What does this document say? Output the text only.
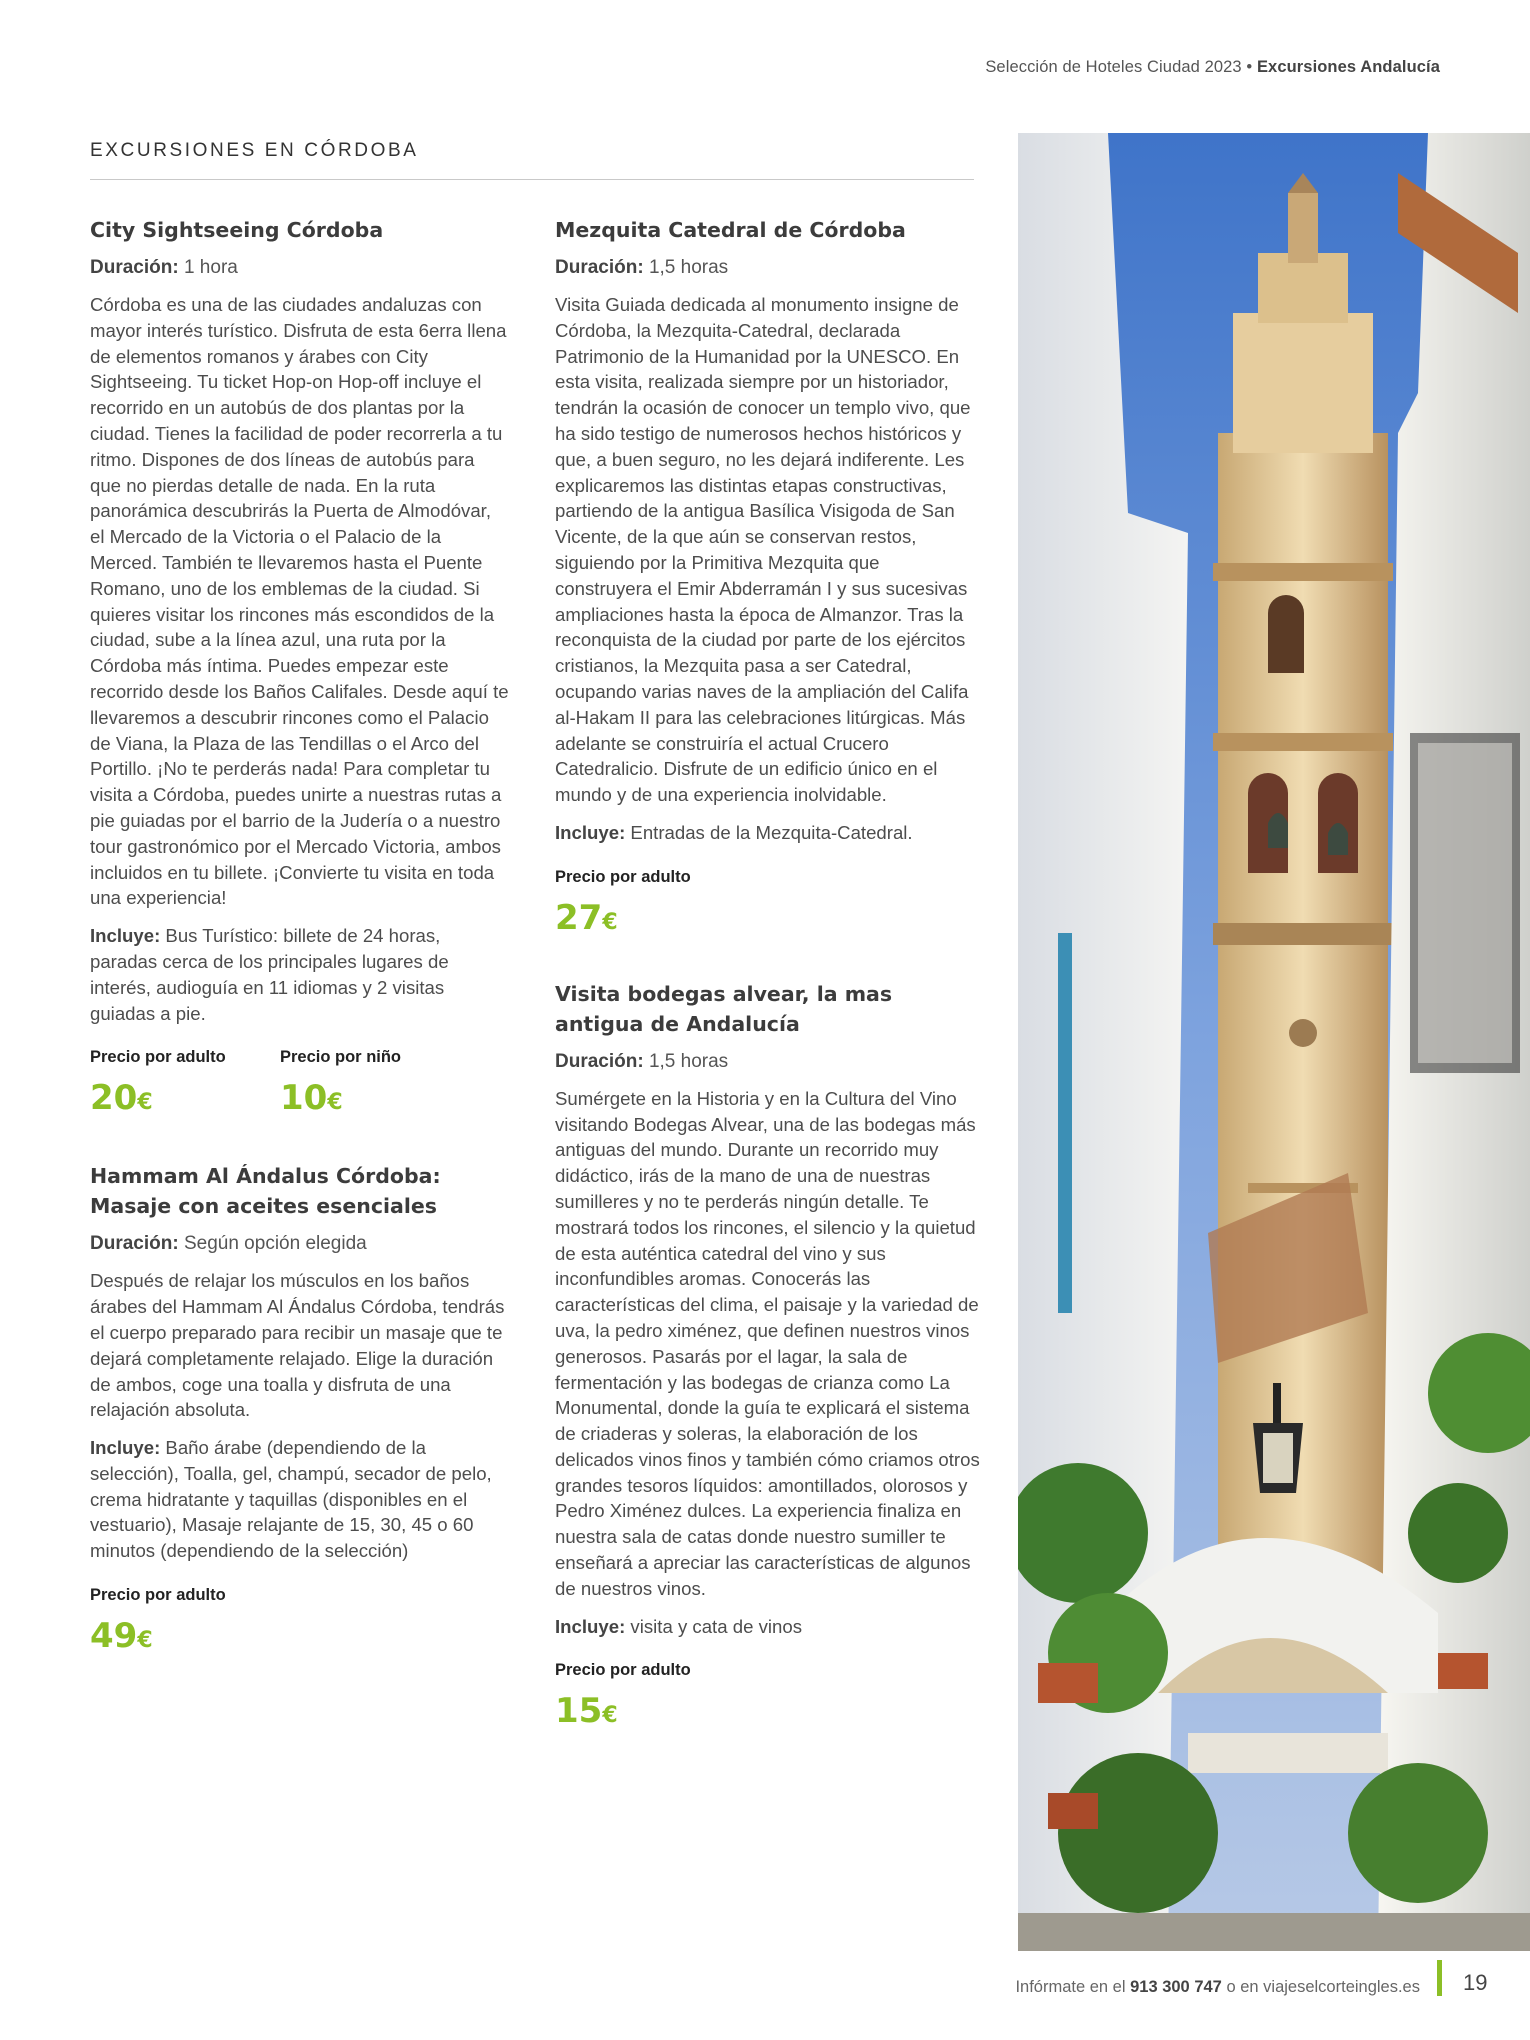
Selección de Hoteles Ciudad 2023 • Excursiones Andalucía
EXCURSIONES EN CÓRDOBA
City Sightseeing Córdoba

Duración: 1 hora

Córdoba es una de las ciudades andaluzas con mayor interés turístico. Disfruta de esta 6erra llena de elementos romanos y árabes con City Sightseeing. Tu ticket Hop-on Hop-off incluye el recorrido en un autobús de dos plantas por la ciudad. Tienes la facilidad de poder recorrerla a tu ritmo. Dispones de dos líneas de autobús para que no pierdas detalle de nada. En la ruta panorámica descubrirás la Puerta de Almodóvar, el Mercado de la Victoria o el Palacio de la Merced. También te llevaremos hasta el Puente Romano, uno de los emblemas de la ciudad. Si quieres visitar los rincones más escondidos de la ciudad, sube a la línea azul, una ruta por la Córdoba más íntima. Puedes empezar este recorrido desde los Baños Califales. Desde aquí te llevaremos a descubrir rincones como el Palacio de Viana, la Plaza de las Tendillas o el Arco del Portillo. ¡No te perderás nada! Para completar tu visita a Córdoba, puedes unirte a nuestras rutas a pie guiadas por el barrio de la Judería o a nuestro tour gastronómico por el Mercado Victoria, ambos incluidos en tu billete. ¡Convierte tu visita en toda una experiencia!

Incluye: Bus Turístico: billete de 24 horas, paradas cerca de los principales lugares de interés, audioguía en 11 idiomas y 2 visitas guiadas a pie.

Precio por adulto
20€
Precio por niño
10€
Hammam Al Ándalus Córdoba: Masaje con aceites esenciales

Duración: Según opción elegida

Después de relajar los músculos en los baños árabes del Hammam Al Ándalus Córdoba, tendrás el cuerpo preparado para recibir un masaje que te dejará completamente relajado. Elige la duración de ambos, coge una toalla y disfruta de una relajación absoluta.

Incluye: Baño árabe (dependiendo de la selección), Toalla, gel, champú, secador de pelo, crema hidratante y taquillas (disponibles en el vestuario), Masaje relajante de 15, 30, 45 o 60 minutos (dependiendo de la selección)

Precio por adulto
49€
Mezquita Catedral de Córdoba

Duración: 1,5 horas

Visita Guiada dedicada al monumento insigne de Córdoba, la Mezquita-Catedral, declarada Patrimonio de la Humanidad por la UNESCO. En esta visita, realizada siempre por un historiador, tendrán la ocasión de conocer un templo vivo, que ha sido testigo de numerosos hechos históricos y que, a buen seguro, no les dejará indiferente. Les explicaremos las distintas etapas constructivas, partiendo de la antigua Basílica Visigoda de San Vicente, de la que aún se conservan restos, siguiendo por la Primitiva Mezquita que construyera el Emir Abderramán I y sus sucesivas ampliaciones hasta la época de Almanzor. Tras la reconquista de la ciudad por parte de los ejércitos cristianos, la Mezquita pasa a ser Catedral, ocupando varias naves de la ampliación del Califa al-Hakam II para las celebraciones litúrgicas. Más adelante se construiría el actual Crucero Catedralicio. Disfrute de un edificio único en el mundo y de una experiencia inolvidable.

Incluye: Entradas de la Mezquita-Catedral.

Precio por adulto
27€
Visita bodegas alvear, la mas antigua de Andalucía

Duración: 1,5 horas

Sumérgete en la Historia y en la Cultura del Vino visitando Bodegas Alvear, una de las bodegas más antiguas del mundo. Durante un recorrido muy didáctico, irás de la mano de una de nuestras sumilleres y no te perderás ningún detalle. Te mostrará todos los rincones, el silencio y la quietud de esta auténtica catedral del vino y sus inconfundibles aromas. Conocerás las características del clima, el paisaje y la variedad de uva, la pedro ximénez, que definen nuestros vinos generosos. Pasarás por el lagar, la sala de fermentación y las bodegas de crianza como La Monumental, donde la guía te explicará el sistema de criaderas y soleras, la elaboración de los delicados vinos finos y también cómo criamos otros grandes tesoros líquidos: amontillados, olorosos y Pedro Ximénez dulces. La experiencia finaliza en nuestra sala de catas donde nuestro sumiller te enseñará a apreciar las características de algunos de nuestros vinos.

Incluye: visita y cata de vinos

Precio por adulto
15€
Infórmate en el 913 300 747 o en viajeselcorteingles.es 19
